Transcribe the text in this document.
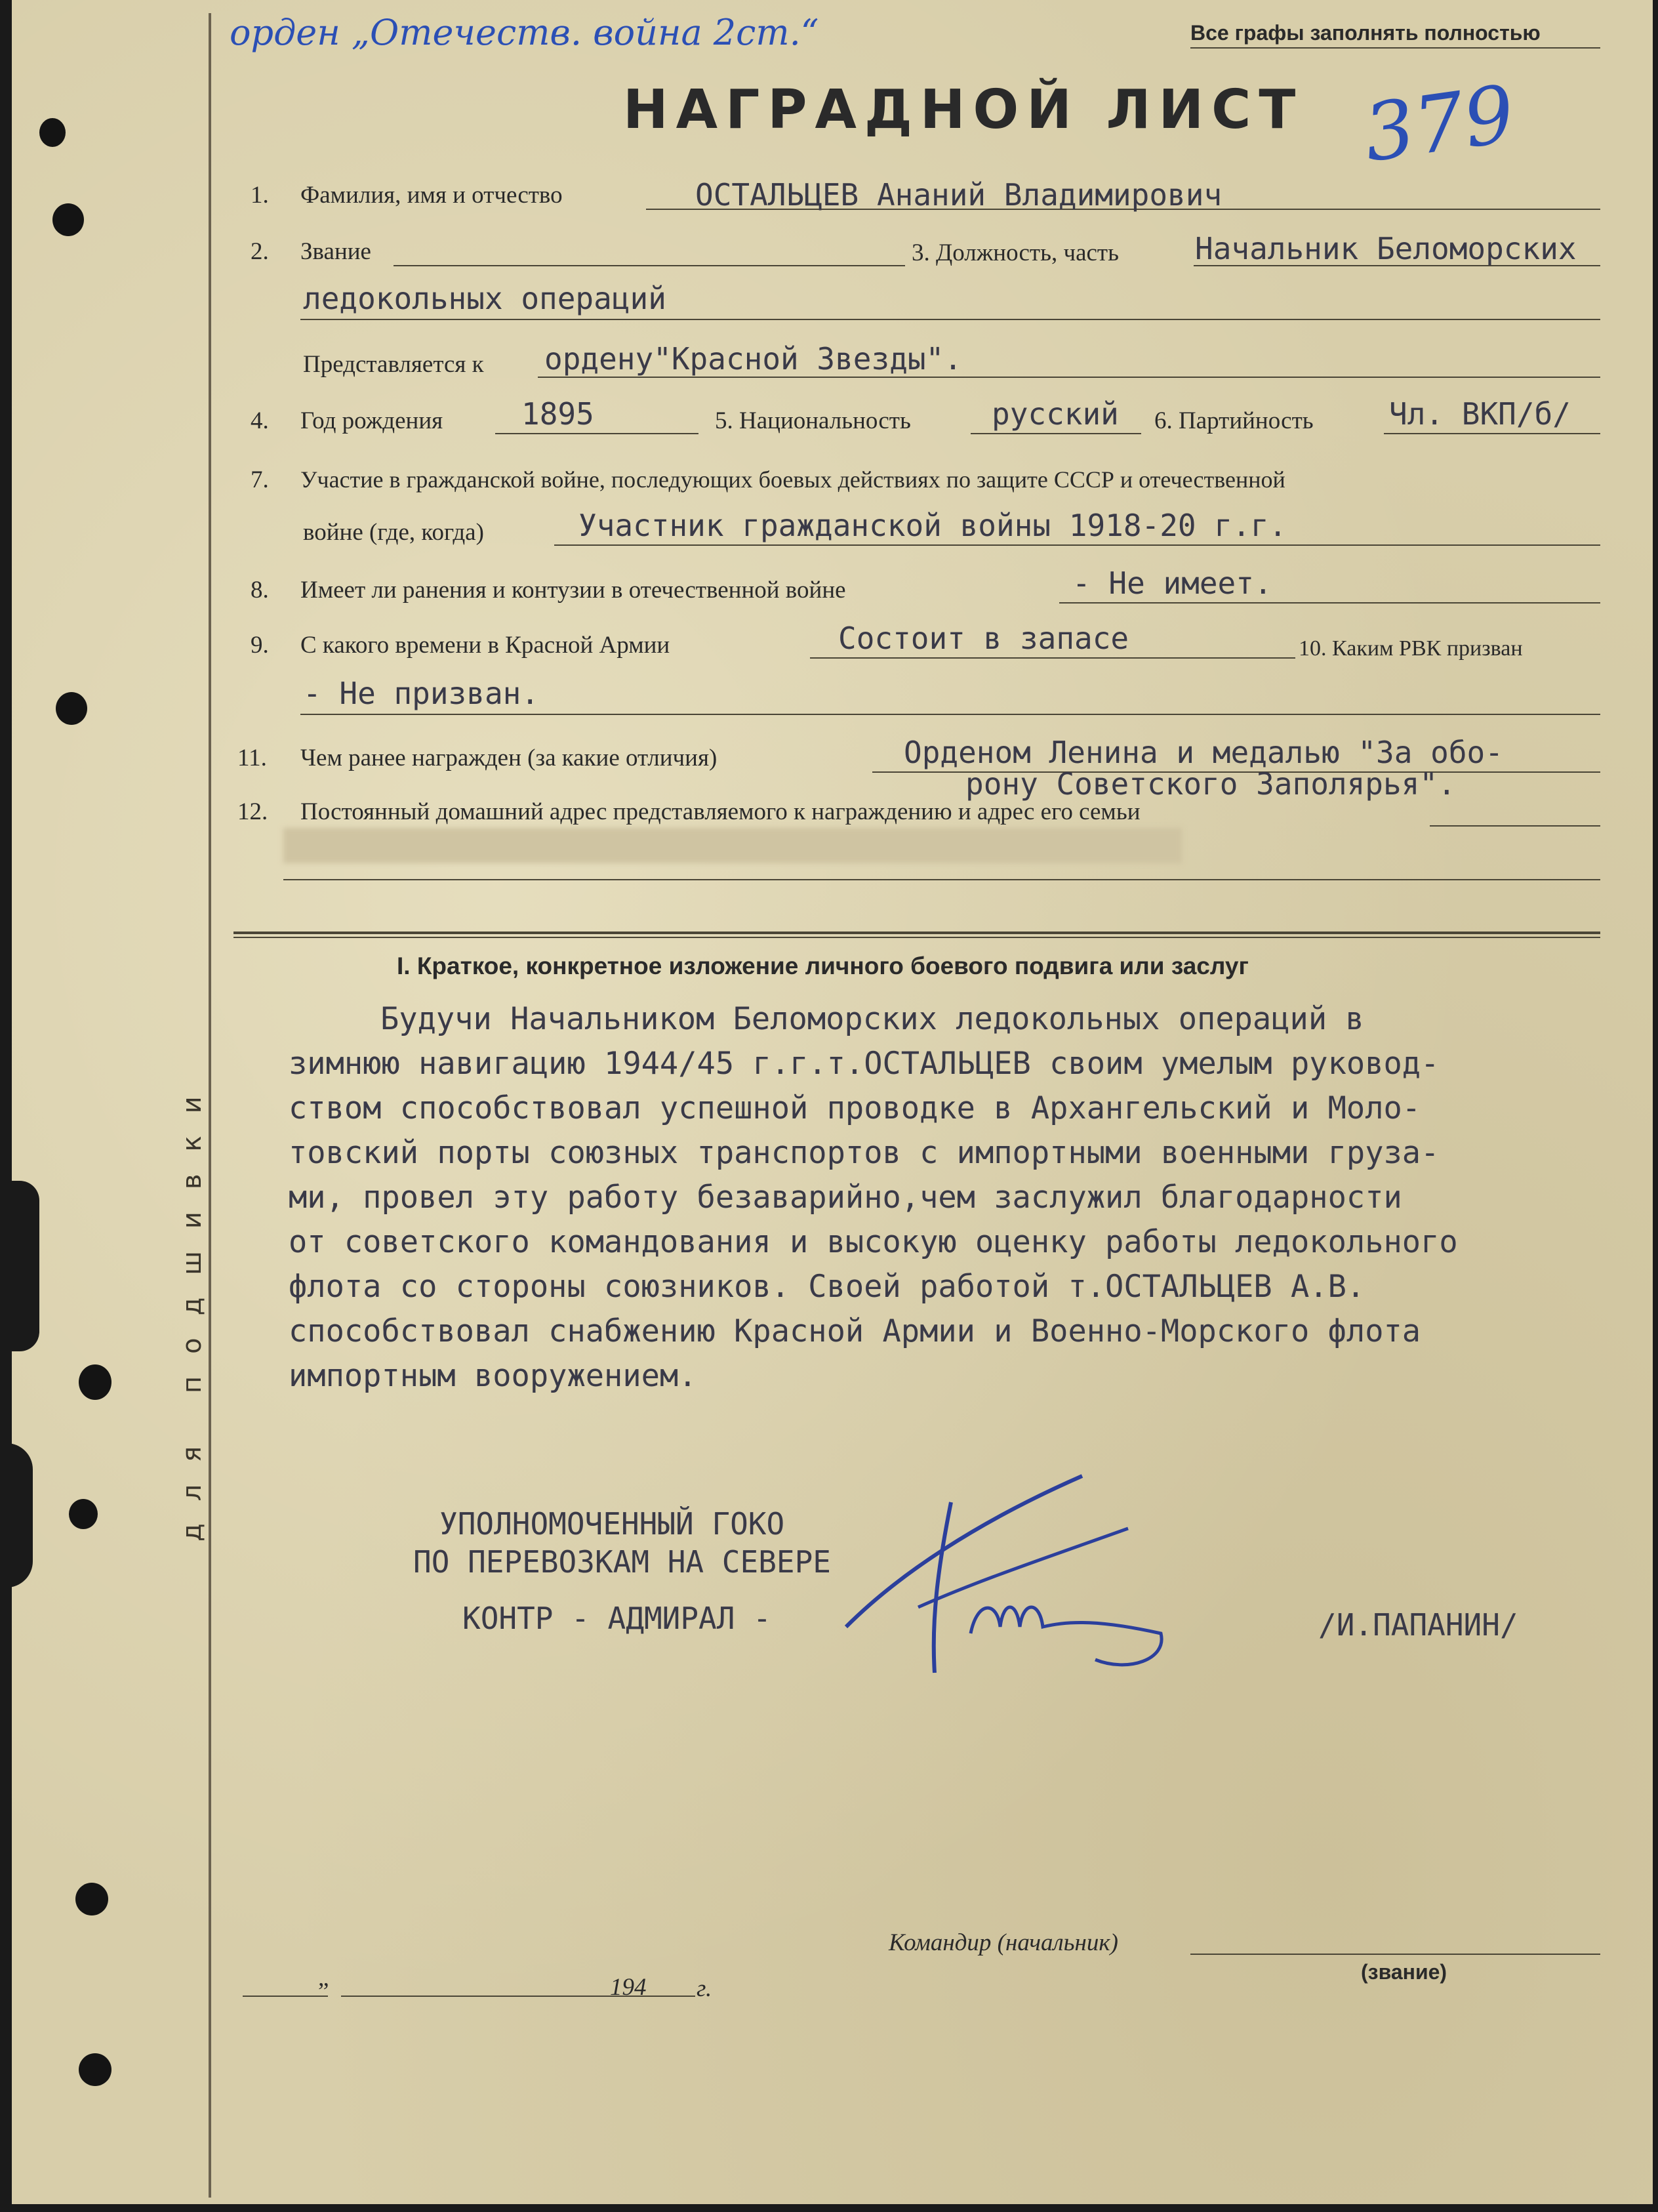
для подшивки
орден „Отечеств. война 2ст.“	Все графы заполнять полностью
НАГРАДНОЙ ЛИСТ 379
1. Фамилия, имя и отчество	ОСТАЛЬЦЕВ Ананий Владимирович
2. Звание	3. Должность, часть	Начальник Беломорских
ледокольных операций
Представляется к ордену"Красной Звезды".
4. Год рождения	1895	5. Национальность	русский 6. Партийность	Чл. ВКП/б/
7. Участие в гражданской войне, последующих боевых действиях по защите СССР и отечественной
войне (где, когда)	Участник гражданской войны 1918-20 г.г.
8. Имеет ли ранения и контузии в отечественной войне	- Не имеет.
9. С какого времени в Красной Армии	Состоит в запасе	10. Каким РВК призван
- Не призван.
11. Чем ранее награжден (за какие отличия)	Орденом Ленина и медалью "За обо-
рону Советского Заполярья".
12. Постоянный домашний адрес представляемого к награждению и адрес его семьи
I. Краткое, конкретное изложение личного боевого подвига или заслуг
Будучи Начальником Беломорских ледокольных операций в
зимнюю навигацию 1944/45 г.г.т.ОСТАЛЬЦЕВ своим умелым руковод-
ством способствовал успешной проводке в Архангельский и Моло-
товский порты союзных транспортов с импортными военными груза-
ми, провел эту работу безаварийно,чем заслужил благодарности
от советского командования и высокую оценку работы ледокольного
флота со стороны союзников. Своей работой т.ОСТАЛЬЦЕВ А.В.
способствовал снабжению Красной Армии и Военно-Морского флота
импортным вооружением.
УПОЛНОМОЧЕННЫЙ ГОКО
ПО ПЕРЕВОЗКАМ НА СЕВЕРЕ
КОНТР - АДМИРАЛ -	/И.ПАПАНИН/
Командир (начальник)
(звание)
„	194 г.
